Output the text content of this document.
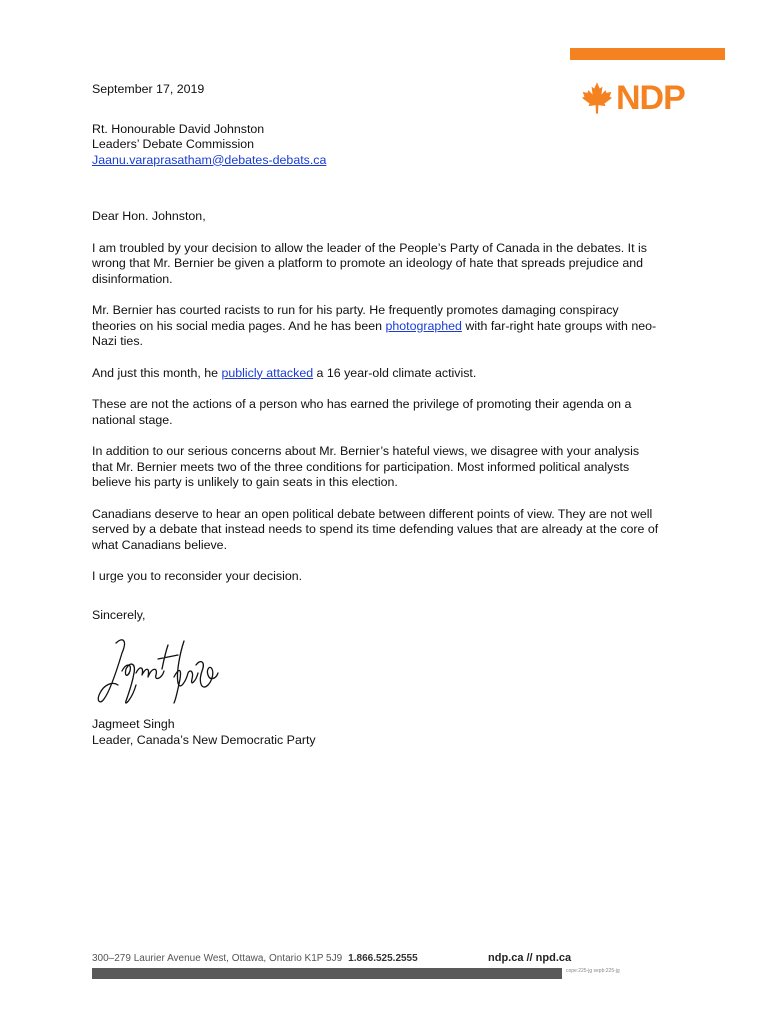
NDP

September 17, 2019

Rt. Honourable David Johnston
Leaders’ Debate Commission
Jaanu.varaprasatham@debates-debats.ca

Dear Hon. Johnston,

I am troubled by your decision to allow the leader of the People’s Party of Canada in the debates. It is wrong that Mr. Bernier be given a platform to promote an ideology of hate that spreads prejudice and disinformation.

Mr. Bernier has courted racists to run for his party. He frequently promotes damaging conspiracy theories on his social media pages. And he has been photographed with far-right hate groups with neo-Nazi ties.

And just this month, he publicly attacked a 16 year-old climate activist.

These are not the actions of a person who has earned the privilege of promoting their agenda on a national stage.

In addition to our serious concerns about Mr. Bernier’s hateful views, we disagree with your analysis that Mr. Bernier meets two of the three conditions for participation. Most informed political analysts believe his party is unlikely to gain seats in this election.

Canadians deserve to hear an open political debate between different points of view. They are not well served by a debate that instead needs to spend its time defending values that are already at the core of what Canadians believe.

I urge you to reconsider your decision.

Sincerely,

Jagmeet Singh
Leader, Canada’s New Democratic Party

300–279 Laurier Avenue West, Ottawa, Ontario K1P 5J9 1.866.525.2555	ndp.ca // npd.ca
cope:225-jg sepb:225-jg
